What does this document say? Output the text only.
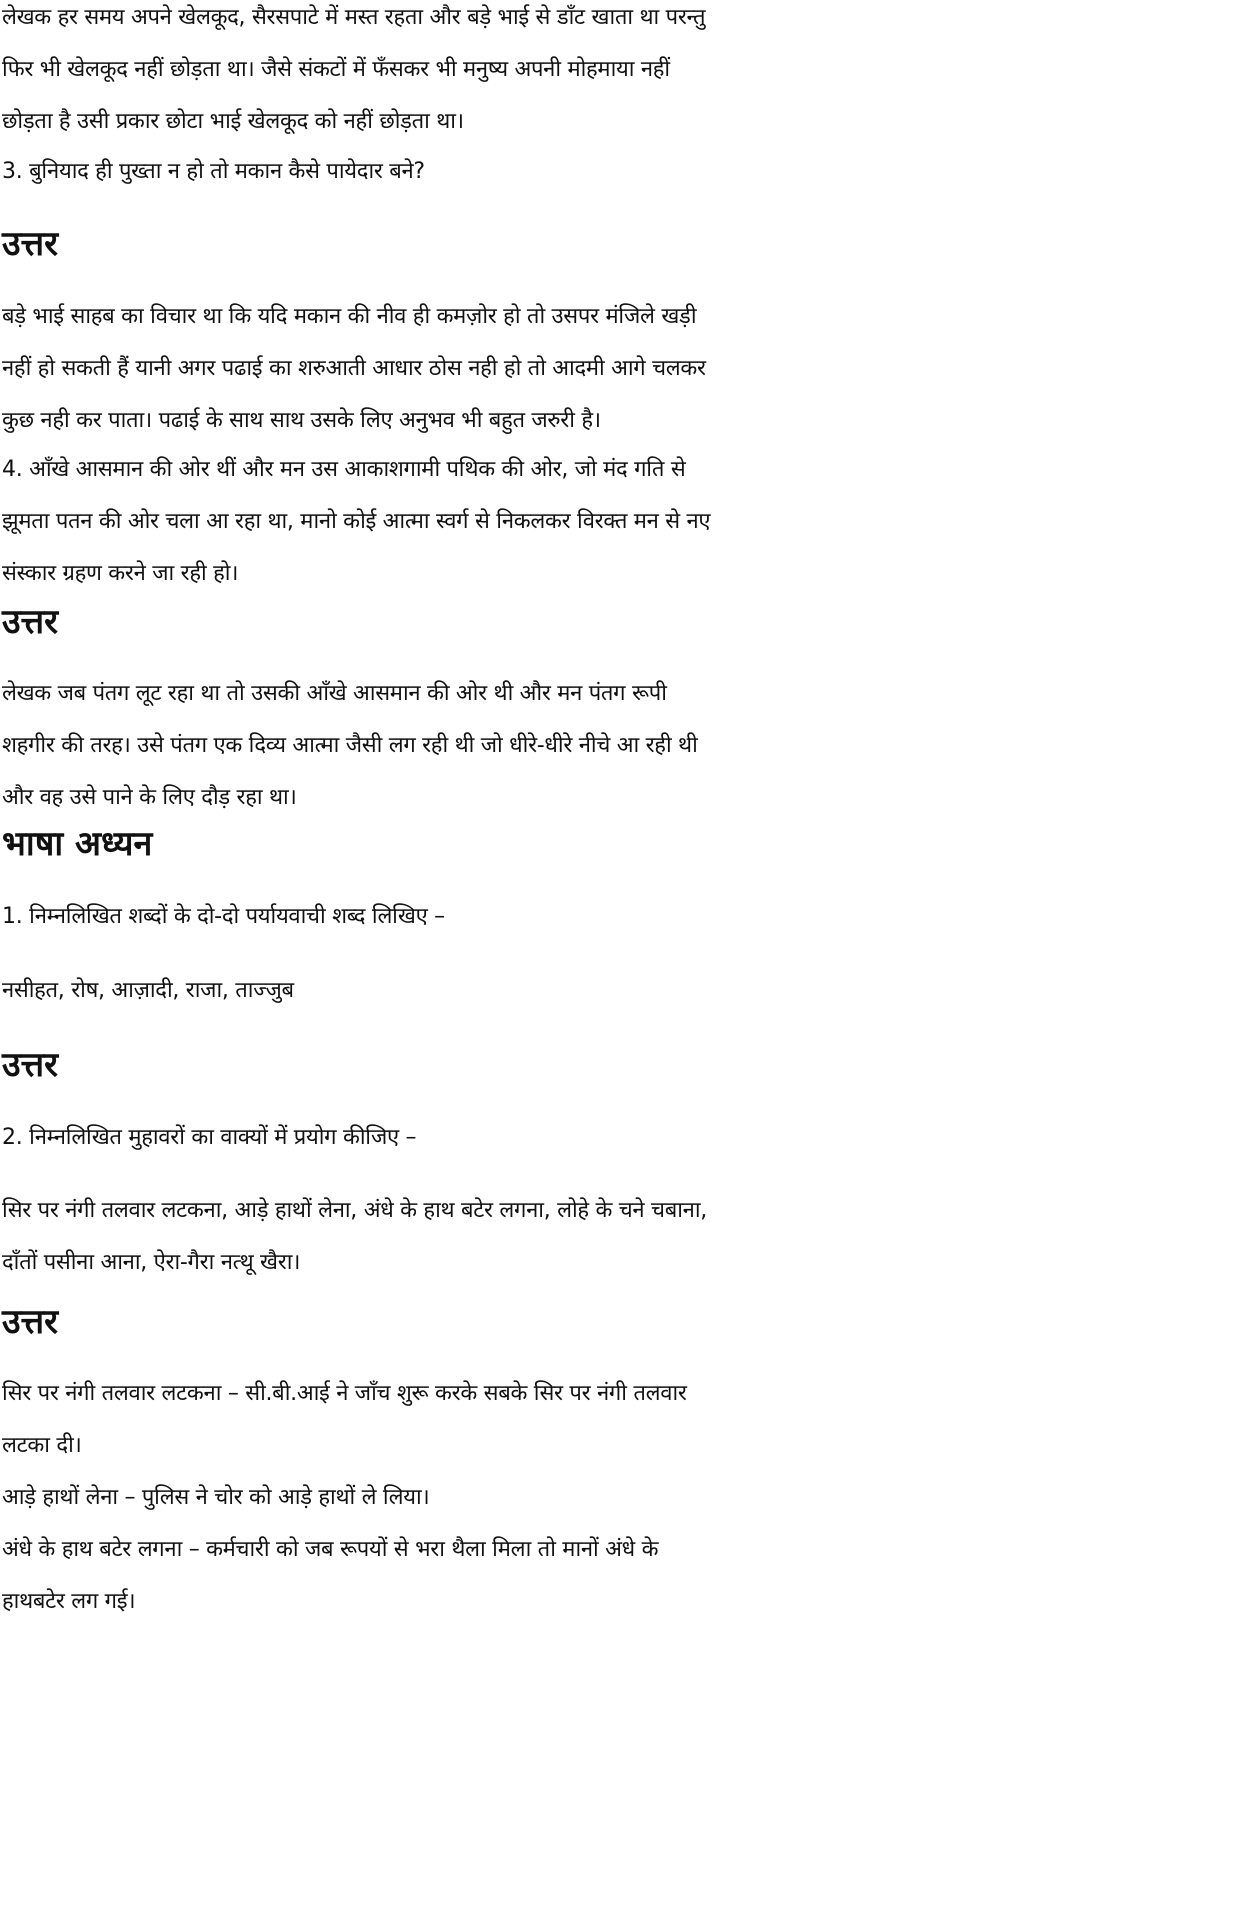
लेखक हर समय अपने खेलकूद, सैरसपाटे में मस्त रहता और बड़े भाई से डाँट खाता था परन्तु
फिर भी खेलकूद नहीं छोड़ता था। जैसे संकटों में फँसकर भी मनुष्य अपनी मोहमाया नहीं
छोड़ता है उसी प्रकार छोटा भाई खेलकूद को नहीं छोड़ता था।
3. बुनियाद ही पुख्ता न हो तो मकान कैसे पायेदार बने?
उत्तर
बड़े भाई साहब का विचार था कि यदि मकान की नीव ही कमज़ोर हो तो उसपर मंजिले खड़ी
नहीं हो सकती हैं यानी अगर पढाई का शरुआती आधार ठोस नही हो तो आदमी आगे चलकर
कुछ नही कर पाता। पढाई के साथ साथ उसके लिए अनुभव भी बहुत जरुरी है।
4. आँखे आसमान की ओर थीं और मन उस आकाशगामी पथिक की ओर, जो मंद गति से
झूमता पतन की ओर चला आ रहा था, मानो कोई आत्मा स्वर्ग से निकलकर विरक्त मन से नए
संस्कार ग्रहण करने जा रही हो।
उत्तर
लेखक जब पंतग लूट रहा था तो उसकी आँखे आसमान की ओर थी और मन पंतग रूपी
शहगीर की तरह। उसे पंतग एक दिव्य आत्मा जैसी लग रही थी जो धीरे-धीरे नीचे आ रही थी
और वह उसे पाने के लिए दौड़ रहा था।
भाषा अध्यन
1. निम्नलिखित शब्दों के दो-दो पर्यायवाची शब्द लिखिए –
नसीहत, रोष, आज़ादी, राजा, ताज्जुब
उत्तर
2. निम्नलिखित मुहावरों का वाक्यों में प्रयोग कीजिए –
सिर पर नंगी तलवार लटकना, आड़े हाथों लेना, अंधे के हाथ बटेर लगना, लोहे के चने चबाना,
दाँतों पसीना आना, ऐरा-गैरा नत्थू खैरा।
उत्तर
सिर पर नंगी तलवार लटकना – सी.बी.आई ने जाँच शुरू करके सबके सिर पर नंगी तलवार
लटका दी।
आड़े हाथों लेना – पुलिस ने चोर को आड़े हाथों ले लिया।
अंधे के हाथ बटेर लगना – कर्मचारी को जब रूपयों से भरा थैला मिला तो मानों अंधे के
हाथबटेर लग गई।
